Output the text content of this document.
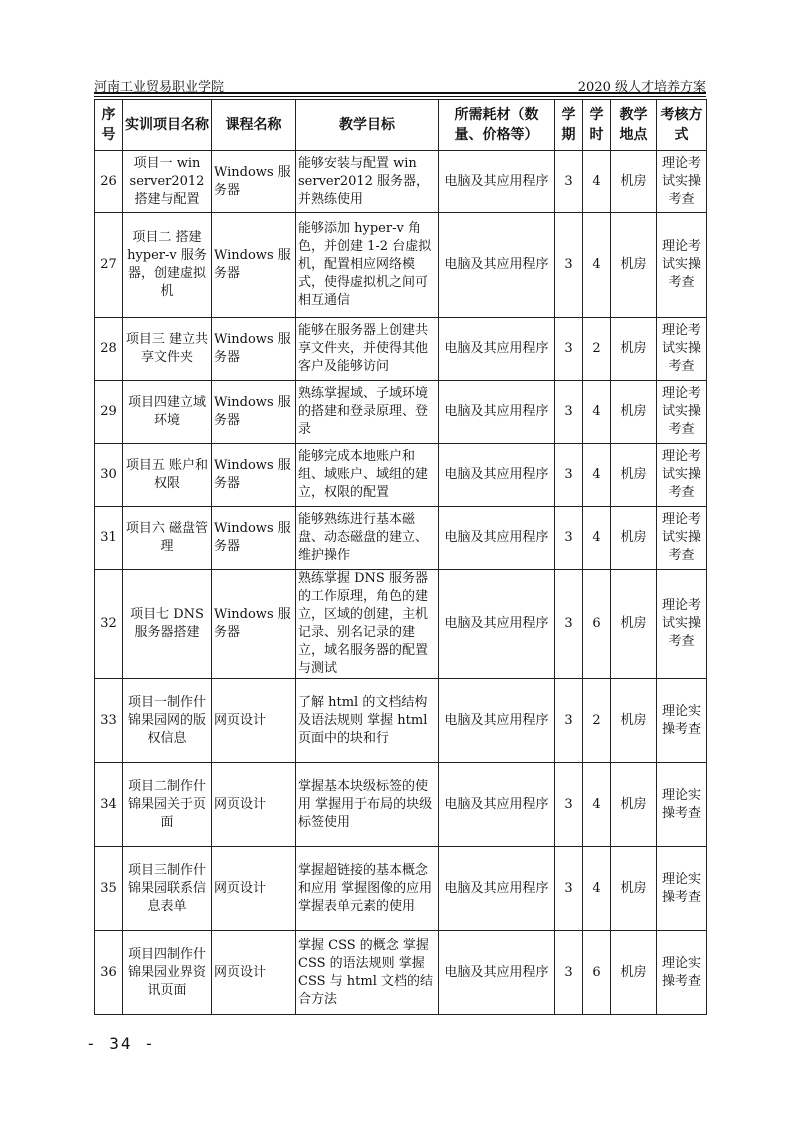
河南工业贸易职业学院	2020 级人才培养方案
序号	实训项目名称	课程名称	教学目标	所需耗材（数量、价格等）	学期	学时	教学地点	考核方式
26	项目一 win server2012 搭建与配置	Windows 服务器	能够安装与配置 win server2012 服务器，并熟练使用	电脑及其应用程序	3	4	机房	理论考试实操考查
27	项目二 搭建 hyper-v 服务器，创建虚拟机	Windows 服务器	能够添加 hyper-v 角色，并创建 1-2 台虚拟机，配置相应网络模式，使得虚拟机之间可相互通信	电脑及其应用程序	3	4	机房	理论考试实操考查
28	项目三 建立共享文件夹	Windows 服务器	能够在服务器上创建共享文件夹，并使得其他客户及能够访问	电脑及其应用程序	3	2	机房	理论考试实操考查
29	项目四建立域环境	Windows 服务器	熟练掌握域、子域环境的搭建和登录原理、登录	电脑及其应用程序	3	4	机房	理论考试实操考查
30	项目五 账户和权限	Windows 服务器	能够完成本地账户和组、域账户、域组的建立，权限的配置	电脑及其应用程序	3	4	机房	理论考试实操考查
31	项目六 磁盘管理	Windows 服务器	能够熟练进行基本磁盘、动态磁盘的建立、维护操作	电脑及其应用程序	3	4	机房	理论考试实操考查
32	项目七 DNS 服务器搭建	Windows 服务器	熟练掌握 DNS 服务器的工作原理，角色的建立，区域的创建，主机记录、别名记录的建立，域名服务器的配置与测试	电脑及其应用程序	3	6	机房	理论考试实操考查
33	项目一制作什锦果园网的版权信息	网页设计	了解 html 的文档结构及语法规则 掌握 html 页面中的块和行	电脑及其应用程序	3	2	机房	理论实操考查
34	项目二制作什锦果园关于页面	网页设计	掌握基本块级标签的使用 掌握用于布局的块级标签使用	电脑及其应用程序	3	4	机房	理论实操考查
35	项目三制作什锦果园联系信息表单	网页设计	掌握超链接的基本概念和应用 掌握图像的应用 掌握表单元素的使用	电脑及其应用程序	3	4	机房	理论实操考查
36	项目四制作什锦果园业界资讯页面	网页设计	掌握 CSS 的概念 掌握 CSS 的语法规则 掌握 CSS 与 html 文档的结合方法	电脑及其应用程序	3	6	机房	理论实操考查
- 34 -
